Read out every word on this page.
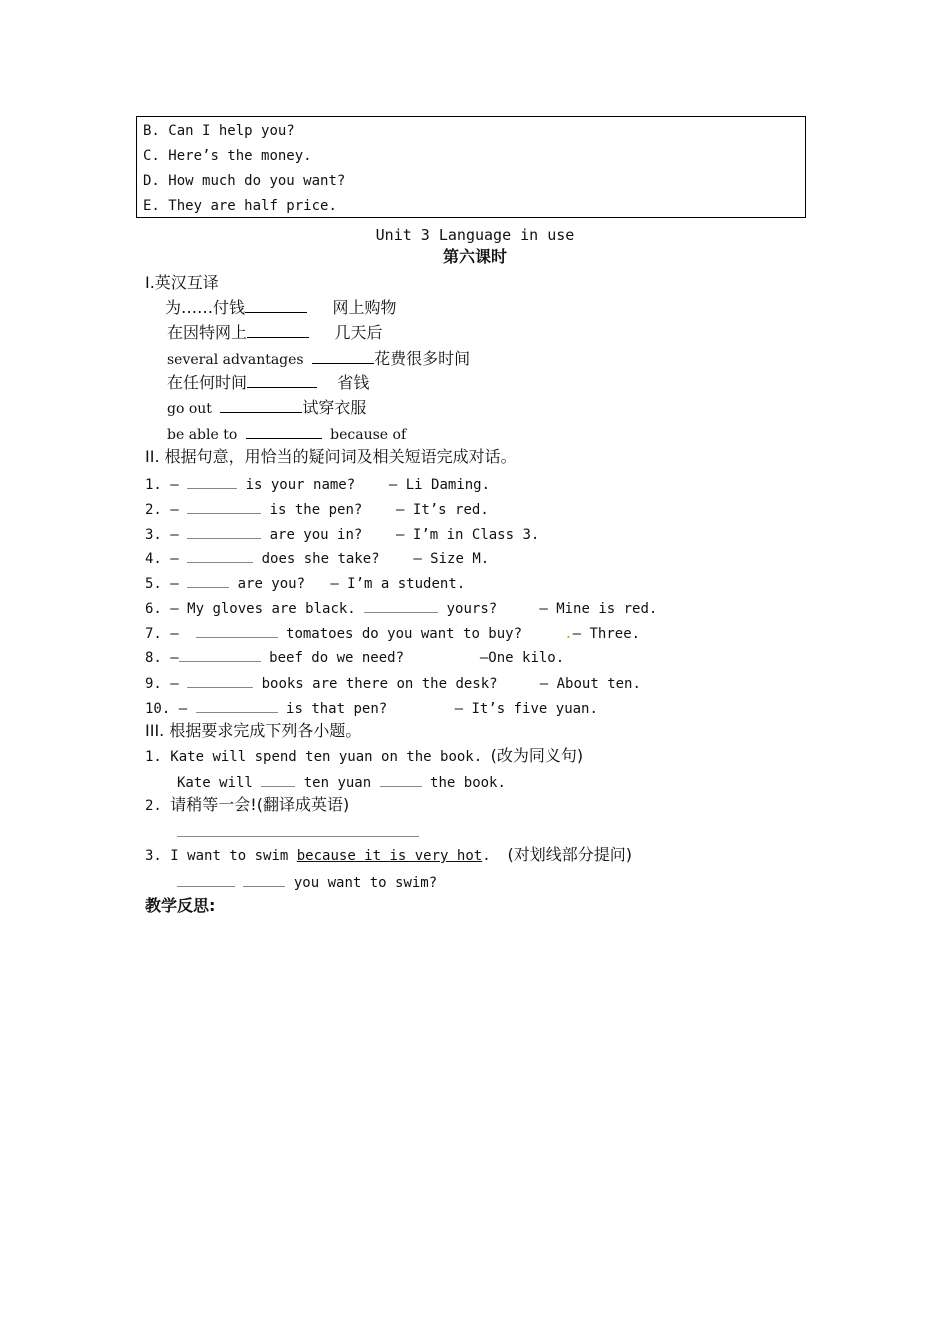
B. Can I help you?
C. Here’s the money.
D. How much do you want?
E. They are half price.
Unit 3 Language in use
第六课时
I.英汉互译
为……付钱	网上购物
在因特网上	几天后
several advantages	花费很多时间
在任何时间	省钱
go out	试穿衣服
be able to	because of
II. 根据句意，用恰当的疑问词及相关短语完成对话。
1. —	is your name? — Li Daming.
2. —	is the pen? — It’s red.
3. —	are you in? — I’m in Class 3.
4. —	does she take? — Size M.
5. —	are you? — I’m a student.
6. — My gloves are black.	yours?	— Mine is red.
7. —	tomatoes do you want to buy?	.— Three.
8. —	beef do we need?	—One kilo.
9. —	books are there on the desk?	— About ten.
10. —	is that pen?	— It’s five yuan.
III. 根据要求完成下列各小题。
1. Kate will spend ten yuan on the book. (改为同义句)
Kate will	ten yuan	the book.
2. 请稍等一会!(翻译成英语)
3. I want to swim because it is very hot. (对划线部分提问)
you want to swim?
教学反思:
